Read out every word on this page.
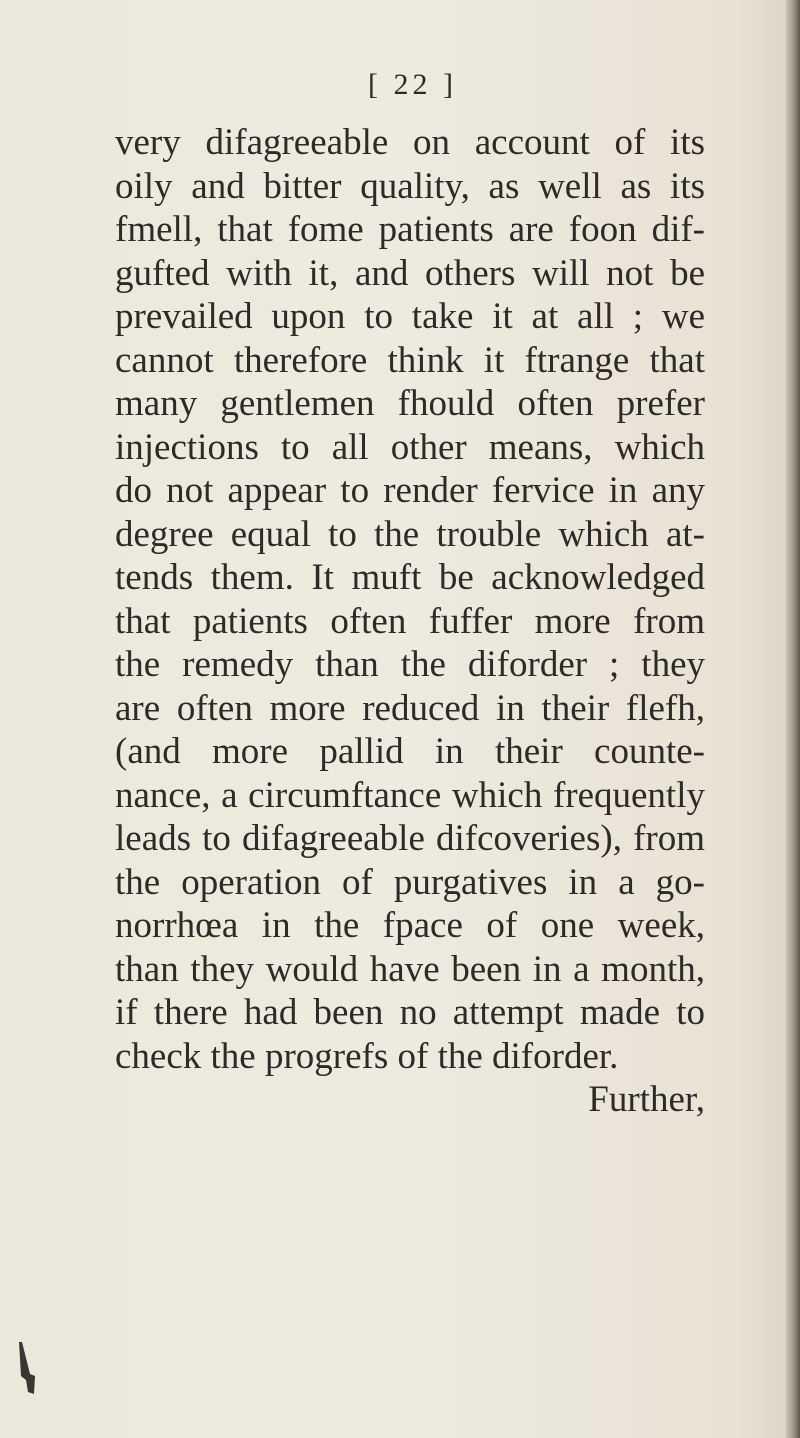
[ 22 ]
very difagreeable on account of its
oily and bitter quality, as well as its
fmell, that fome patients are foon dif-
gufted with it, and others will not be
prevailed upon to take it at all ; we
cannot therefore think it ftrange that
many gentlemen fhould often prefer
injections to all other means, which
do not appear to render fervice in any
degree equal to the trouble which at-
tends them. It muft be acknowledged
that patients often fuffer more from
the remedy than the diforder ; they
are often more reduced in their flefh,
(and more pallid in their counte-
nance, a circumftance which frequently
leads to difagreeable difcoveries), from
the operation of purgatives in a go-
norrhœa in the fpace of one week,
than they would have been in a month,
if there had been no attempt made to
check the progrefs of the diforder.
Further,
